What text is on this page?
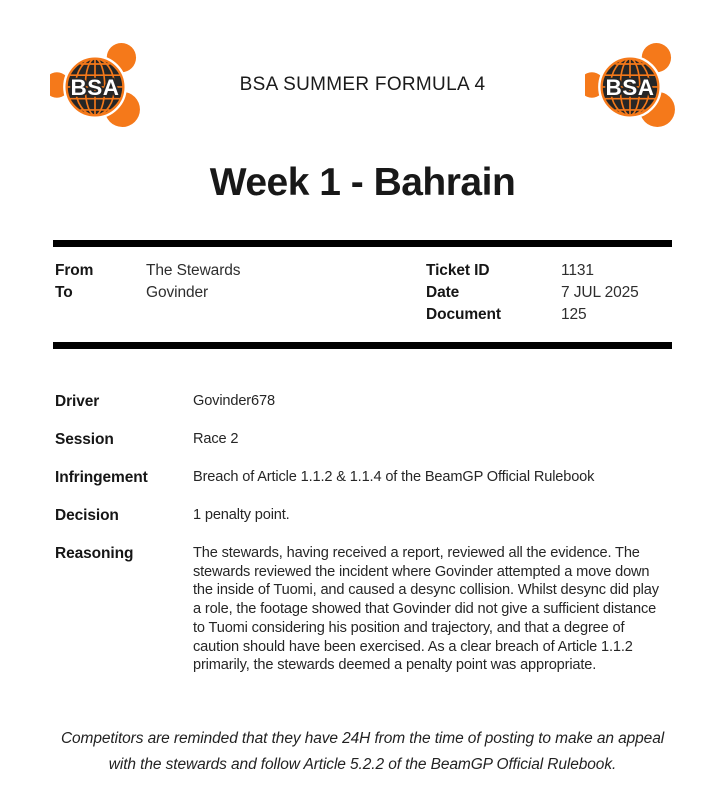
BSA	BSA SUMMER FORMULA 4	BSA
Week 1 - Bahrain
From	The Stewards
To	Govinder
Ticket ID	1131
Date	7 JUL 2025
Document	125
Driver	Govinder678
Session	Race 2
Infringement	Breach of Article 1.1.2 & 1.1.4 of the BeamGP Official Rulebook
Decision	1 penalty point.
Reasoning	The stewards, having received a report, reviewed all the evidence. The stewards reviewed the incident where Govinder attempted a move down the inside of Tuomi, and caused a desync collision. Whilst desync did play a role, the footage showed that Govinder did not give a sufficient distance to Tuomi considering his position and trajectory, and that a degree of caution should have been exercised. As a clear breach of Article 1.1.2 primarily, the stewards deemed a penalty point was appropriate.

Competitors are reminded that they have 24H from the time of posting to make an appeal with the stewards and follow Article 5.2.2 of the BeamGP Official Rulebook.
